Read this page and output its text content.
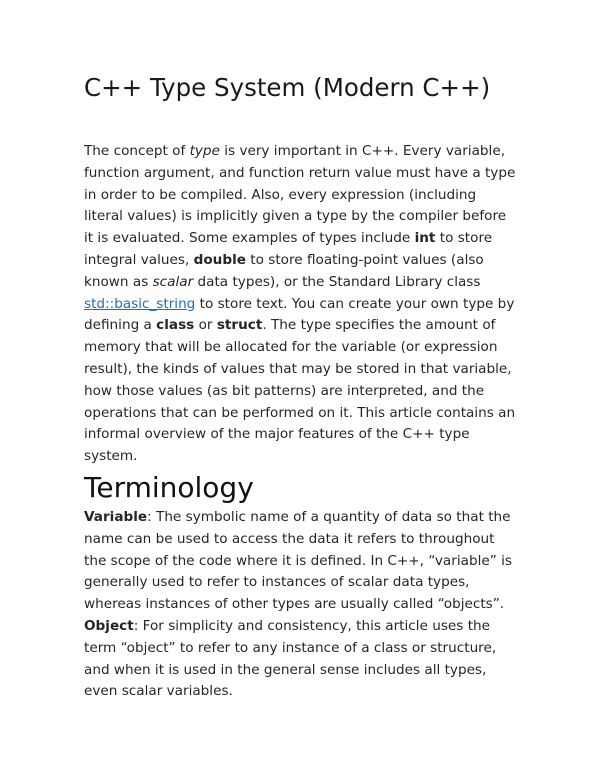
C++ Type System (Modern C++)

The concept of type is very important in C++. Every variable, function argument, and function return value must have a type in order to be compiled. Also, every expression (including literal values) is implicitly given a type by the compiler before it is evaluated. Some examples of types include int to store integral values, double to store floating-point values (also known as scalar data types), or the Standard Library class std::basic_string to store text. You can create your own type by defining a class or struct. The type specifies the amount of memory that will be allocated for the variable (or expression result), the kinds of values that may be stored in that variable, how those values (as bit patterns) are interpreted, and the operations that can be performed on it. This article contains an informal overview of the major features of the C++ type system.

Terminology

Variable: The symbolic name of a quantity of data so that the name can be used to access the data it refers to throughout the scope of the code where it is defined. In C++, “variable” is generally used to refer to instances of scalar data types, whereas instances of other types are usually called “objects”.

Object: For simplicity and consistency, this article uses the term “object” to refer to any instance of a class or structure, and when it is used in the general sense includes all types, even scalar variables.
